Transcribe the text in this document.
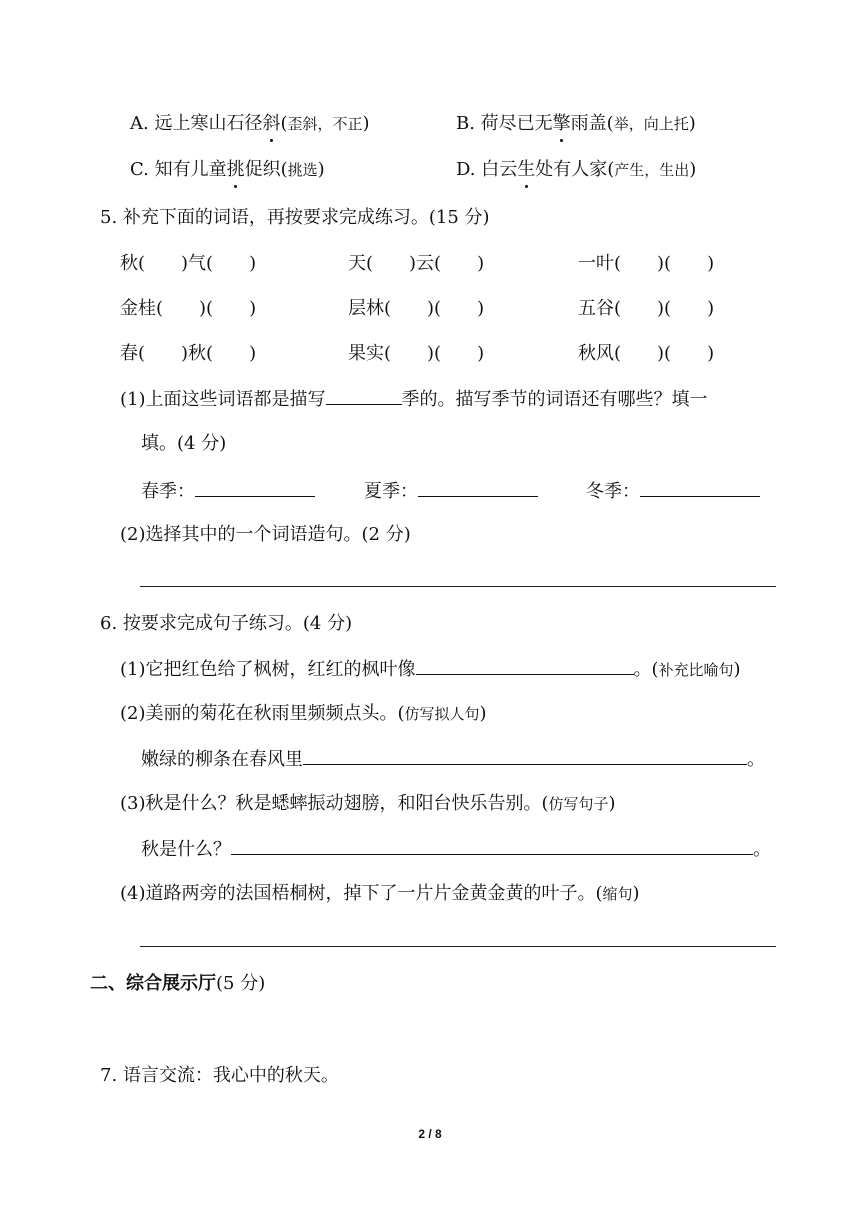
A. 远上寒山石径斜(歪斜，不正)	B. 荷尽已无擎雨盖(举，向上托)
C. 知有儿童挑促织(挑选)	D. 白云生处有人家(产生，生出)
5. 补充下面的词语，再按要求完成练习。(15 分)
秋(　　)气(　　)	天(　　)云(　　)	一叶(　　)(　　)
金桂(　　)(　　)	层林(　　)(　　)	五谷(　　)(　　)
春(　　)秋(　　)	果实(　　)(　　)	秋风(　　)(　　)
(1)上面这些词语都是描写	季的。描写季节的词语还有哪些？填一
填。(4 分)
春季：	夏季：	冬季：
(2)选择其中的一个词语造句。(2 分)
6. 按要求完成句子练习。(4 分)
(1)它把红色给了枫树，红红的枫叶像	。(补充比喻句)
(2)美丽的菊花在秋雨里频频点头。(仿写拟人句)
嫩绿的柳条在春风里	。
(3)秋是什么？秋是蟋蟀振动翅膀，和阳台快乐告别。(仿写句子)
秋是什么？	。
(4)道路两旁的法国梧桐树，掉下了一片片金黄金黄的叶子。(缩句)
二、综合展示厅(5 分)
7. 语言交流：我心中的秋天。
2 / 8
